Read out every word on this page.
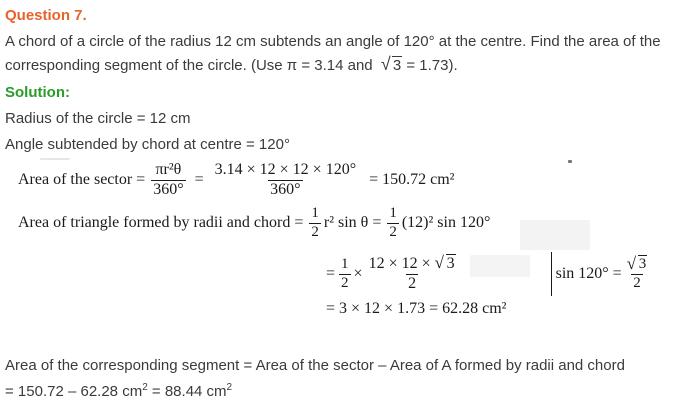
Question 7.
A chord of a circle of the radius 12 cm subtends an angle of 120° at the centre. Find the area of the
corresponding segment of the circle. (Use π = 3.14 and √ 3 = 1.73).
Solution:
Radius of the circle = 12 cm
Angle subtended by chord at centre = 120°
Area of the sector = $\frac{\text{πr²θ}}{360^\circ} = \frac{3.14 \times 12 \times 12 \times 120^\circ}{360^\circ} = 150.72$ cm²
Area of triangle formed by radii and chord = $\frac{1}{2} r^2$ $\sin \theta = \frac{1}{2} (12)^2$ sin 120°
= $\frac{1}{2} \times \frac{12 \times 12 \times √ 3}{2}$	$\sin 120^\circ = \frac{√ 3}{2}$
= 3 × 12 × 1.73 = 62.28 cm²
Area of the corresponding segment = Area of the sector – Area of A formed by radii and chord
= 150.72 – 62.28 $cm^2 = 88.44$ $cm^2$
